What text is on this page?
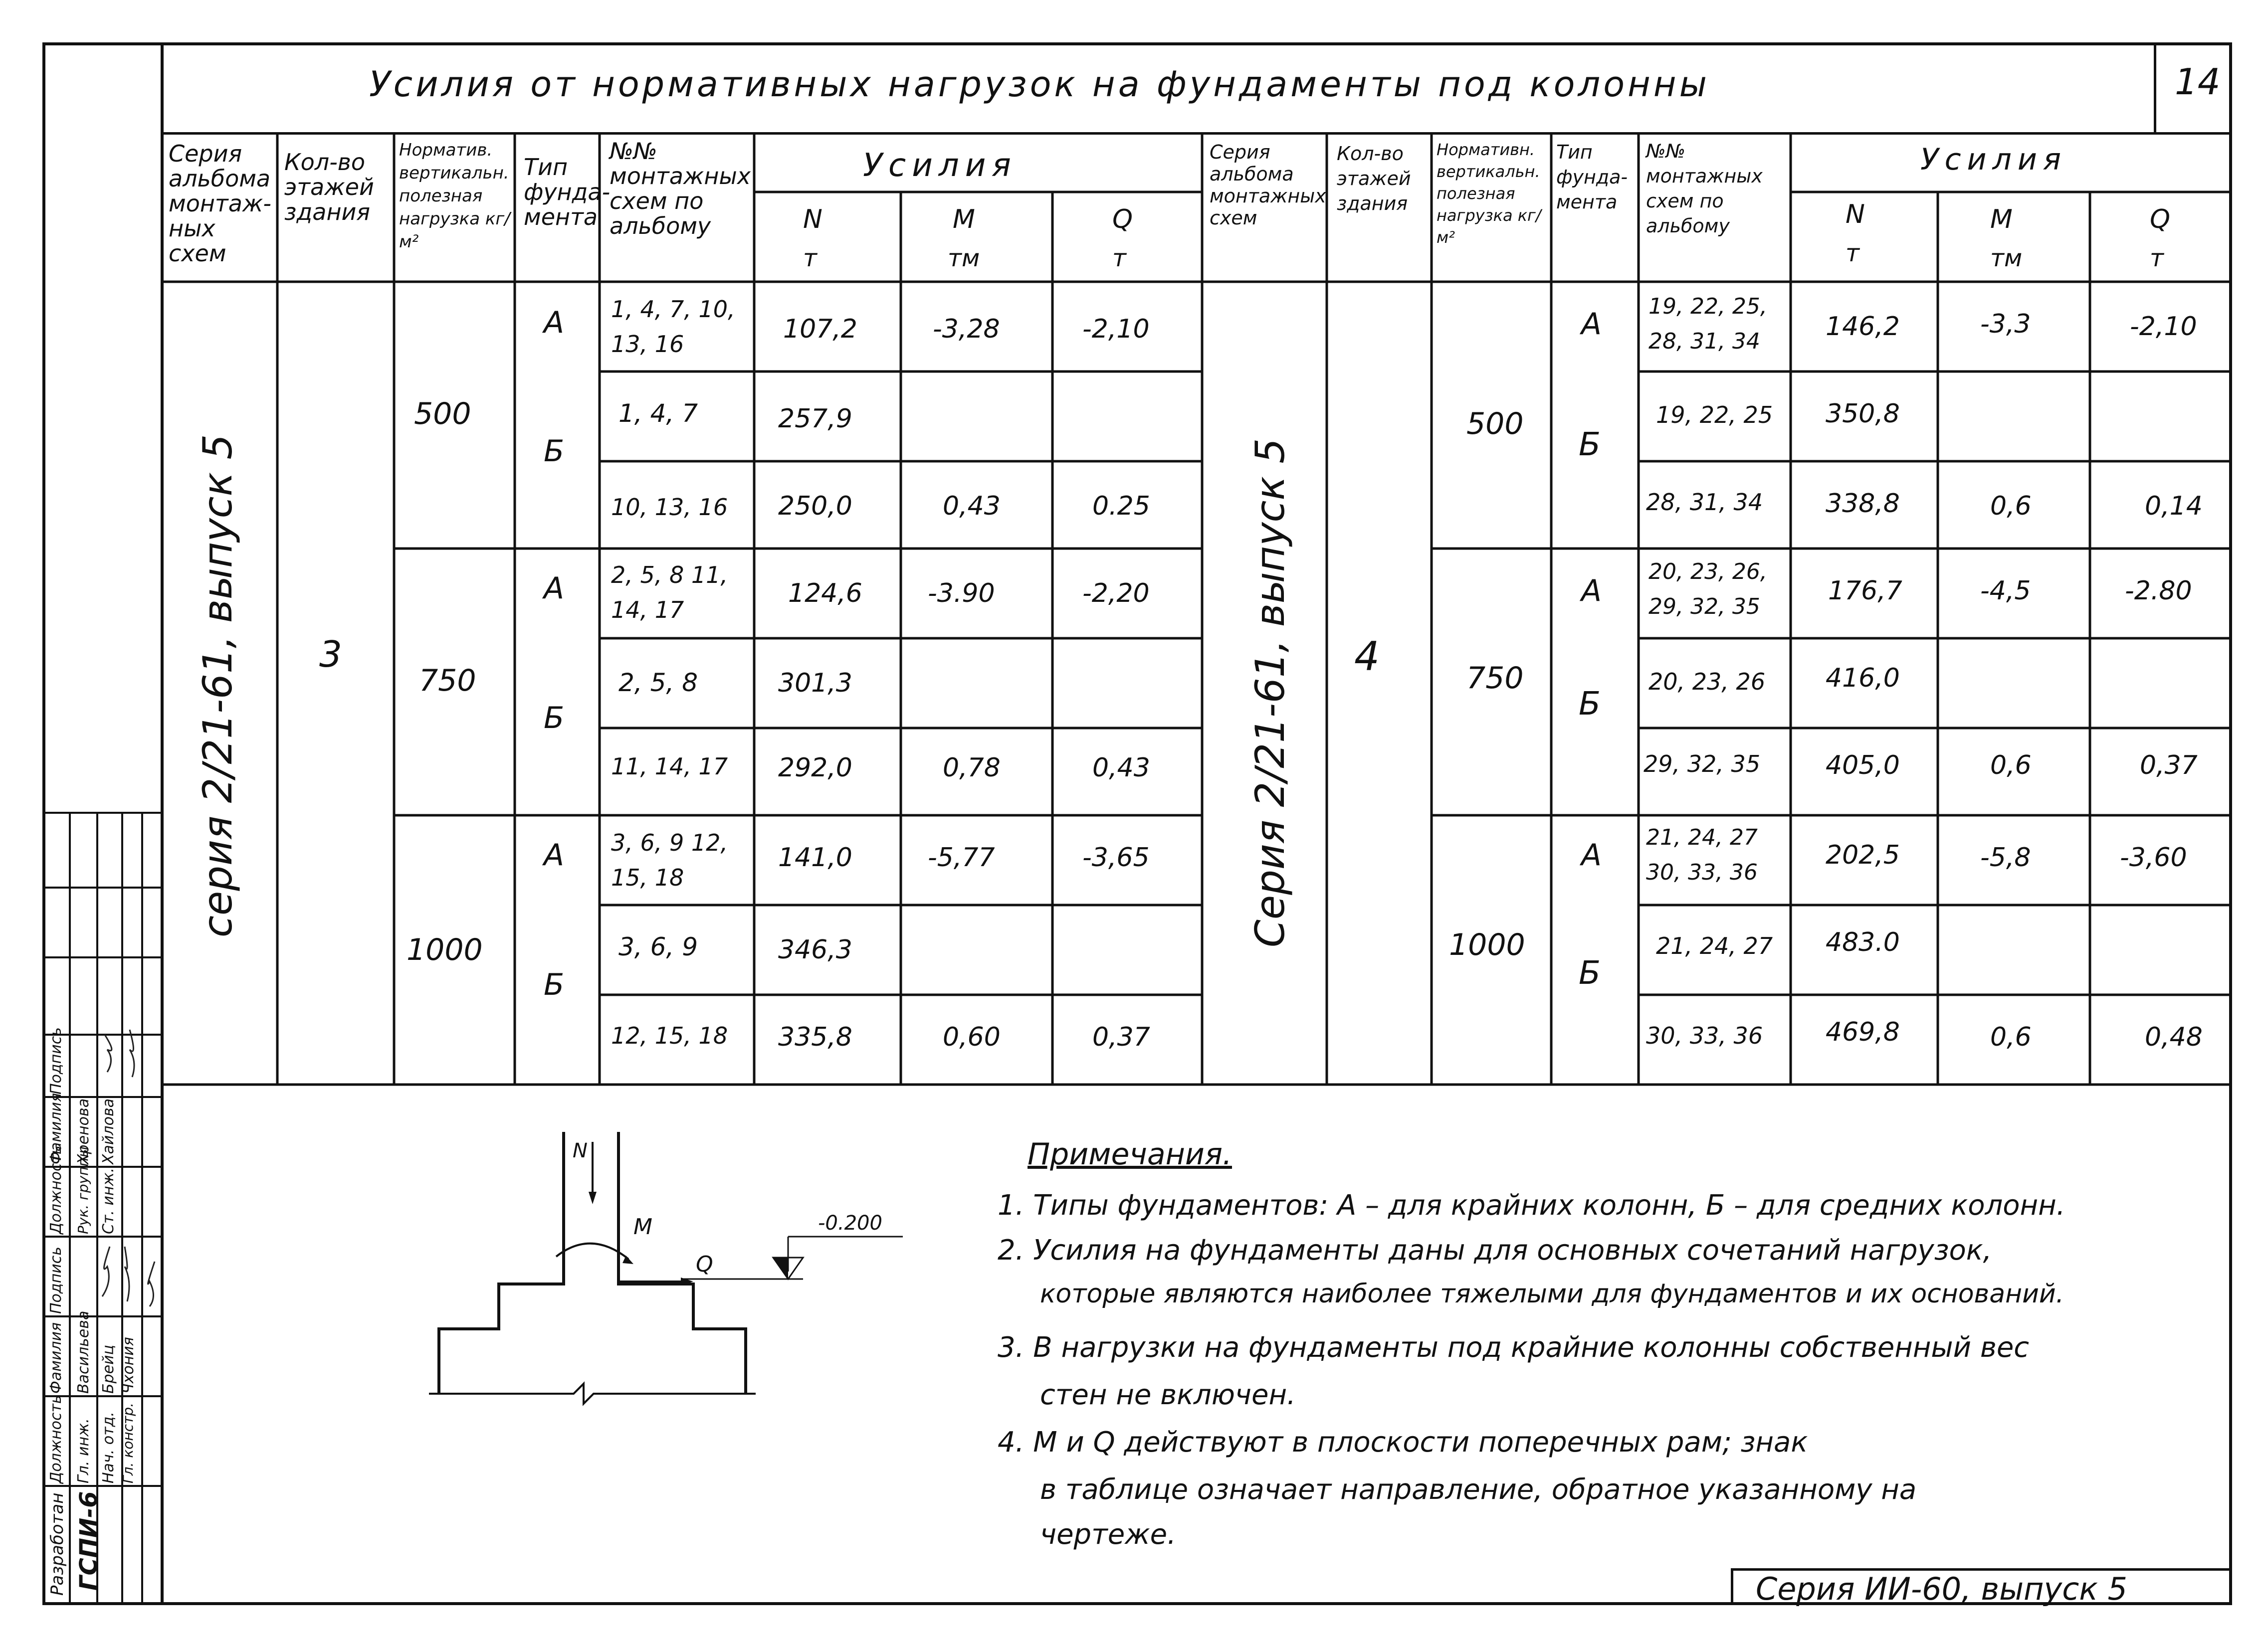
Усилия от нормативных нагрузок на фундаменты под колонны	14
Серия альбома монтаж-ных схем
Кол-во этажей здания
Норматив. вертикальн. полезная нагрузка кг/м²
Тип фунда-мента
№№ монтажных схем по альбому
Усилия
N
т
M
тм
Q
т
серия 2/21-61, выпуск 5 3
500
750
1000
А
Б
А
Б
А
Б
1, 4, 7, 10, 13, 16
1, 4, 7
10, 13, 16
2, 5, 8 11, 14, 17
2, 5, 8
11, 14, 17
3, 6, 9 12, 15, 18
3, 6, 9
12, 15, 18
107,2
257,9
250,0
124,6
301,3
292,0
141,0
346,3
335,8
-3,28
0,43
-3.90
0,78
-5,77
0,60
-2,10
0.25
-2,20
0,43
-3,65
0,37
Серия альбома монтажных схем
Кол-во этажей здания
Нормативн. вертикальн. полезная нагрузка кг/м²
Тип фунда-мента
№№ монтажных схем по альбому
Усилия
N
т
M
тм
Q
т
Серия 2/21-61, выпуск 5 4
500
750
1000
А
Б
А
Б
А
Б
19, 22, 25, 28, 31, 34
19, 22, 25
28, 31, 34
20, 23, 26, 29, 32, 35
20, 23, 26
29, 32, 35
21, 24, 27 30, 33, 36
21, 24, 27
30, 33, 36
146,2
350,8
338,8
176,7
416,0
405,0
202,5
483.0
469,8
-3,3
0,6
-4,5
0,6
-5,8
0,6
-2,10
0,14
-2.80
0,37
-3,60
0,48
N
M
Q
-0.200
Примечания.
1. Типы фундаментов: А – для крайних колонн, Б – для средних колонн.
2. Усилия на фундаменты даны для основных сочетаний нагрузок,
которые являются наиболее тяжелыми для фундаментов и их оснований.
3. В нагрузки на фундаменты под крайние колонны собственный вес
стен не включен.
4. M и Q действуют в плоскости поперечных рам; знак
в таблице означает направление, обратное указанному на
чертеже.
Серия ИИ-60, выпуск 5
Разработан ГСПИ-6
Должность
Фамилия
Подпись
Должность
Фамилия
Подпись
Гл. инж.
Васильева
Нач. отд.
Брейц
Гл. констр.
Чхония
Рук. группы
Хренова
Ст. инж.
Хайлова
